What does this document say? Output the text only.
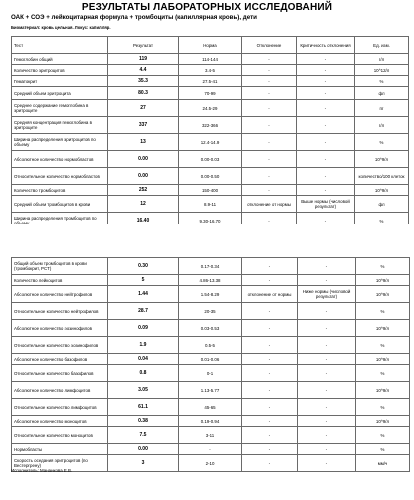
РЕЗУЛЬТАТЫ ЛАБОРАТОРНЫХ ИССЛЕДОВАНИЙ
ОАК + СОЭ + лейкоцитарная формула + тромбоциты (капиллярная кровь), дети
Биоматериал: кровь цельная. Локус: капилляр.
Тест	Результат	Норма	Отклонение	Критичность отклонения	Ед. изм.
Гемоглобин общий	119	114-144	-	-	г/л
Количество эритроцитов	4.4	3.4-5	-	-	10^12/л
Гематокрит	35.3	27.5-41	-	-	%
Средний объем эритроцита	80.3	70-99	-	-	фл
Среднее содержание гемоглобина в эритроците	27	24.5-29	-	-	пг
Средняя концентрация гемоглобина в эритроците	337	322-366	-	-	г/л
Ширина распределения эритроцитов по объему	13	12.4-14.9	-	-	%
Абсолютное количество нормобластов	0.00	0.00-0.03	-	-	10^9/л
Относительное количество нормобластов	0.00	0.00-0.50	-	-	количество/100 клеток
Количество тромбоцитов	252	150-400	-	-	10^9/л
Средний объем тромбоцитов в крови	12	8.9-11	отклонение от нормы	Выше нормы (числовой результат)	фл
Ширина распределения тромбоцитов по	16.40	9.30-16.70	-	-	%
Общий объем тромбоцитов в крови (тромбокрит, PCT)	0.30	0.17-0.34	-	-	%
Количество лейкоцитов	5	4.86-13.38	-	-	10^9/л
Абсолютное количество нейтрофилов	1.44	1.54-8.29	отклонение от нормы	Ниже нормы (числовой результат)	10^9/л
Относительное количество нейтрофилов	28.7	20-35	-	-	%
Абсолютное количество эозинофилов	0.09	0.03-0.53	-	-	10^9/л
Относительное количество эозинофилов	1.9	0.5-5	-	-	%
Абсолютное количество базофилов	0.04	0.01-0.06	-	-	10^9/л
Относительное количество базофилов	0.8	0-1	-	-	%
Абсолютное количество лимфоцитов	3.05	1.13-5.77	-	-	10^9/л
Относительное количество лимфоцитов	61.1	45-65	-	-	%
Абсолютное количество моноцитов	0.38	0.19-0.94	-	-	10^9/л
Относительное количество моноцитов	7.5	3-11	-	-	%
Нормобласты	0.00	-	-	-	%
Скорость оседания эритроцитов (по Вестергрену)	3	2-10	-	-	мм/ч
Исполнитель: Мананкова Е.В.
